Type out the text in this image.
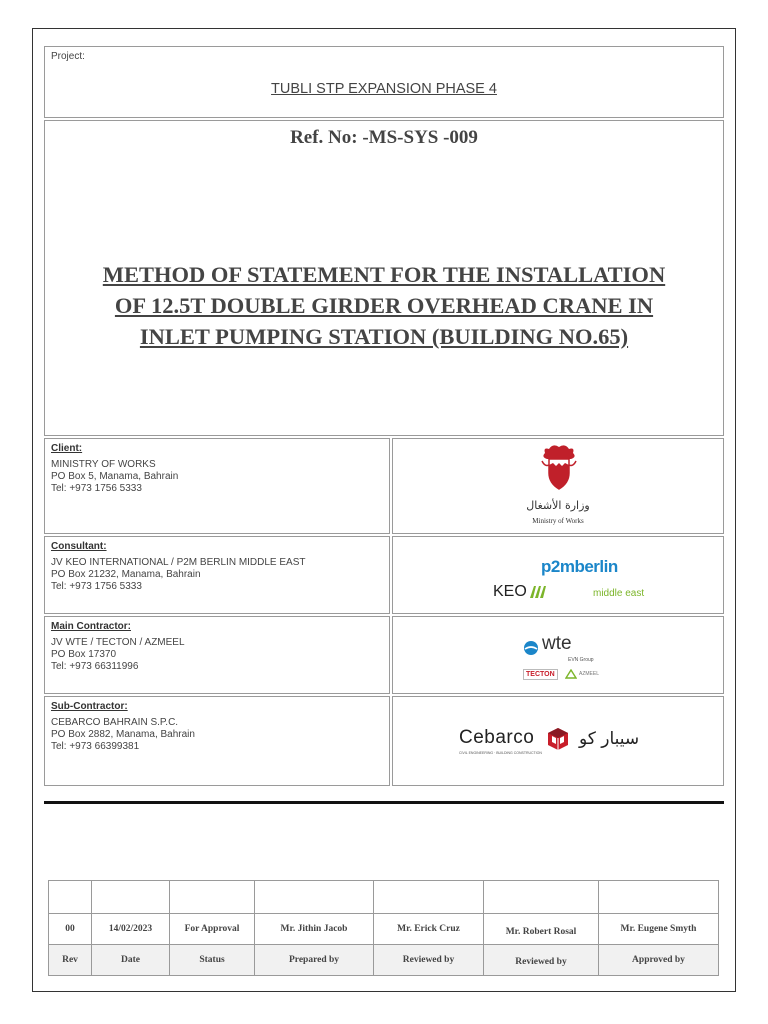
Project:
TUBLI STP EXPANSION PHASE 4
Ref. No: -MS-SYS -009
METHOD OF STATEMENT FOR THE INSTALLATION
OF 12.5T DOUBLE GIRDER OVERHEAD CRANE IN
INLET PUMPING STATION (BUILDING NO.65)
Client:
MINISTRY OF WORKS
PO Box 5, Manama, Bahrain
Tel: +973 1756 5333
وزارة الأشغال
Ministry of Works
Consultant:
JV KEO INTERNATIONAL / P2M BERLIN MIDDLE EAST
PO Box 21232, Manama, Bahrain
Tel: +973 1756 5333
p2mberlin
KEO	middle east
Main Contractor:
JV WTE / TECTON / AZMEEL
PO Box 17370
Tel: +973 66311996
wte
EVN Group
TECTON	AZMEEL
Sub-Contractor:
CEBARCO BAHRAIN S.P.C.
PO Box 2882, Manama, Bahrain
Tel: +973 66399381	Cebarco
CIVIL ENGINEERING · BUILDING CONSTRUCTION
سيبار كو

00	14/02/2023	For Approval	Mr. Jithin Jacob	Mr. Erick Cruz	Mr. Robert Rosal	Mr. Eugene Smyth
Rev	Date	Status	Prepared by	Reviewed by	Reviewed by	Approved by
